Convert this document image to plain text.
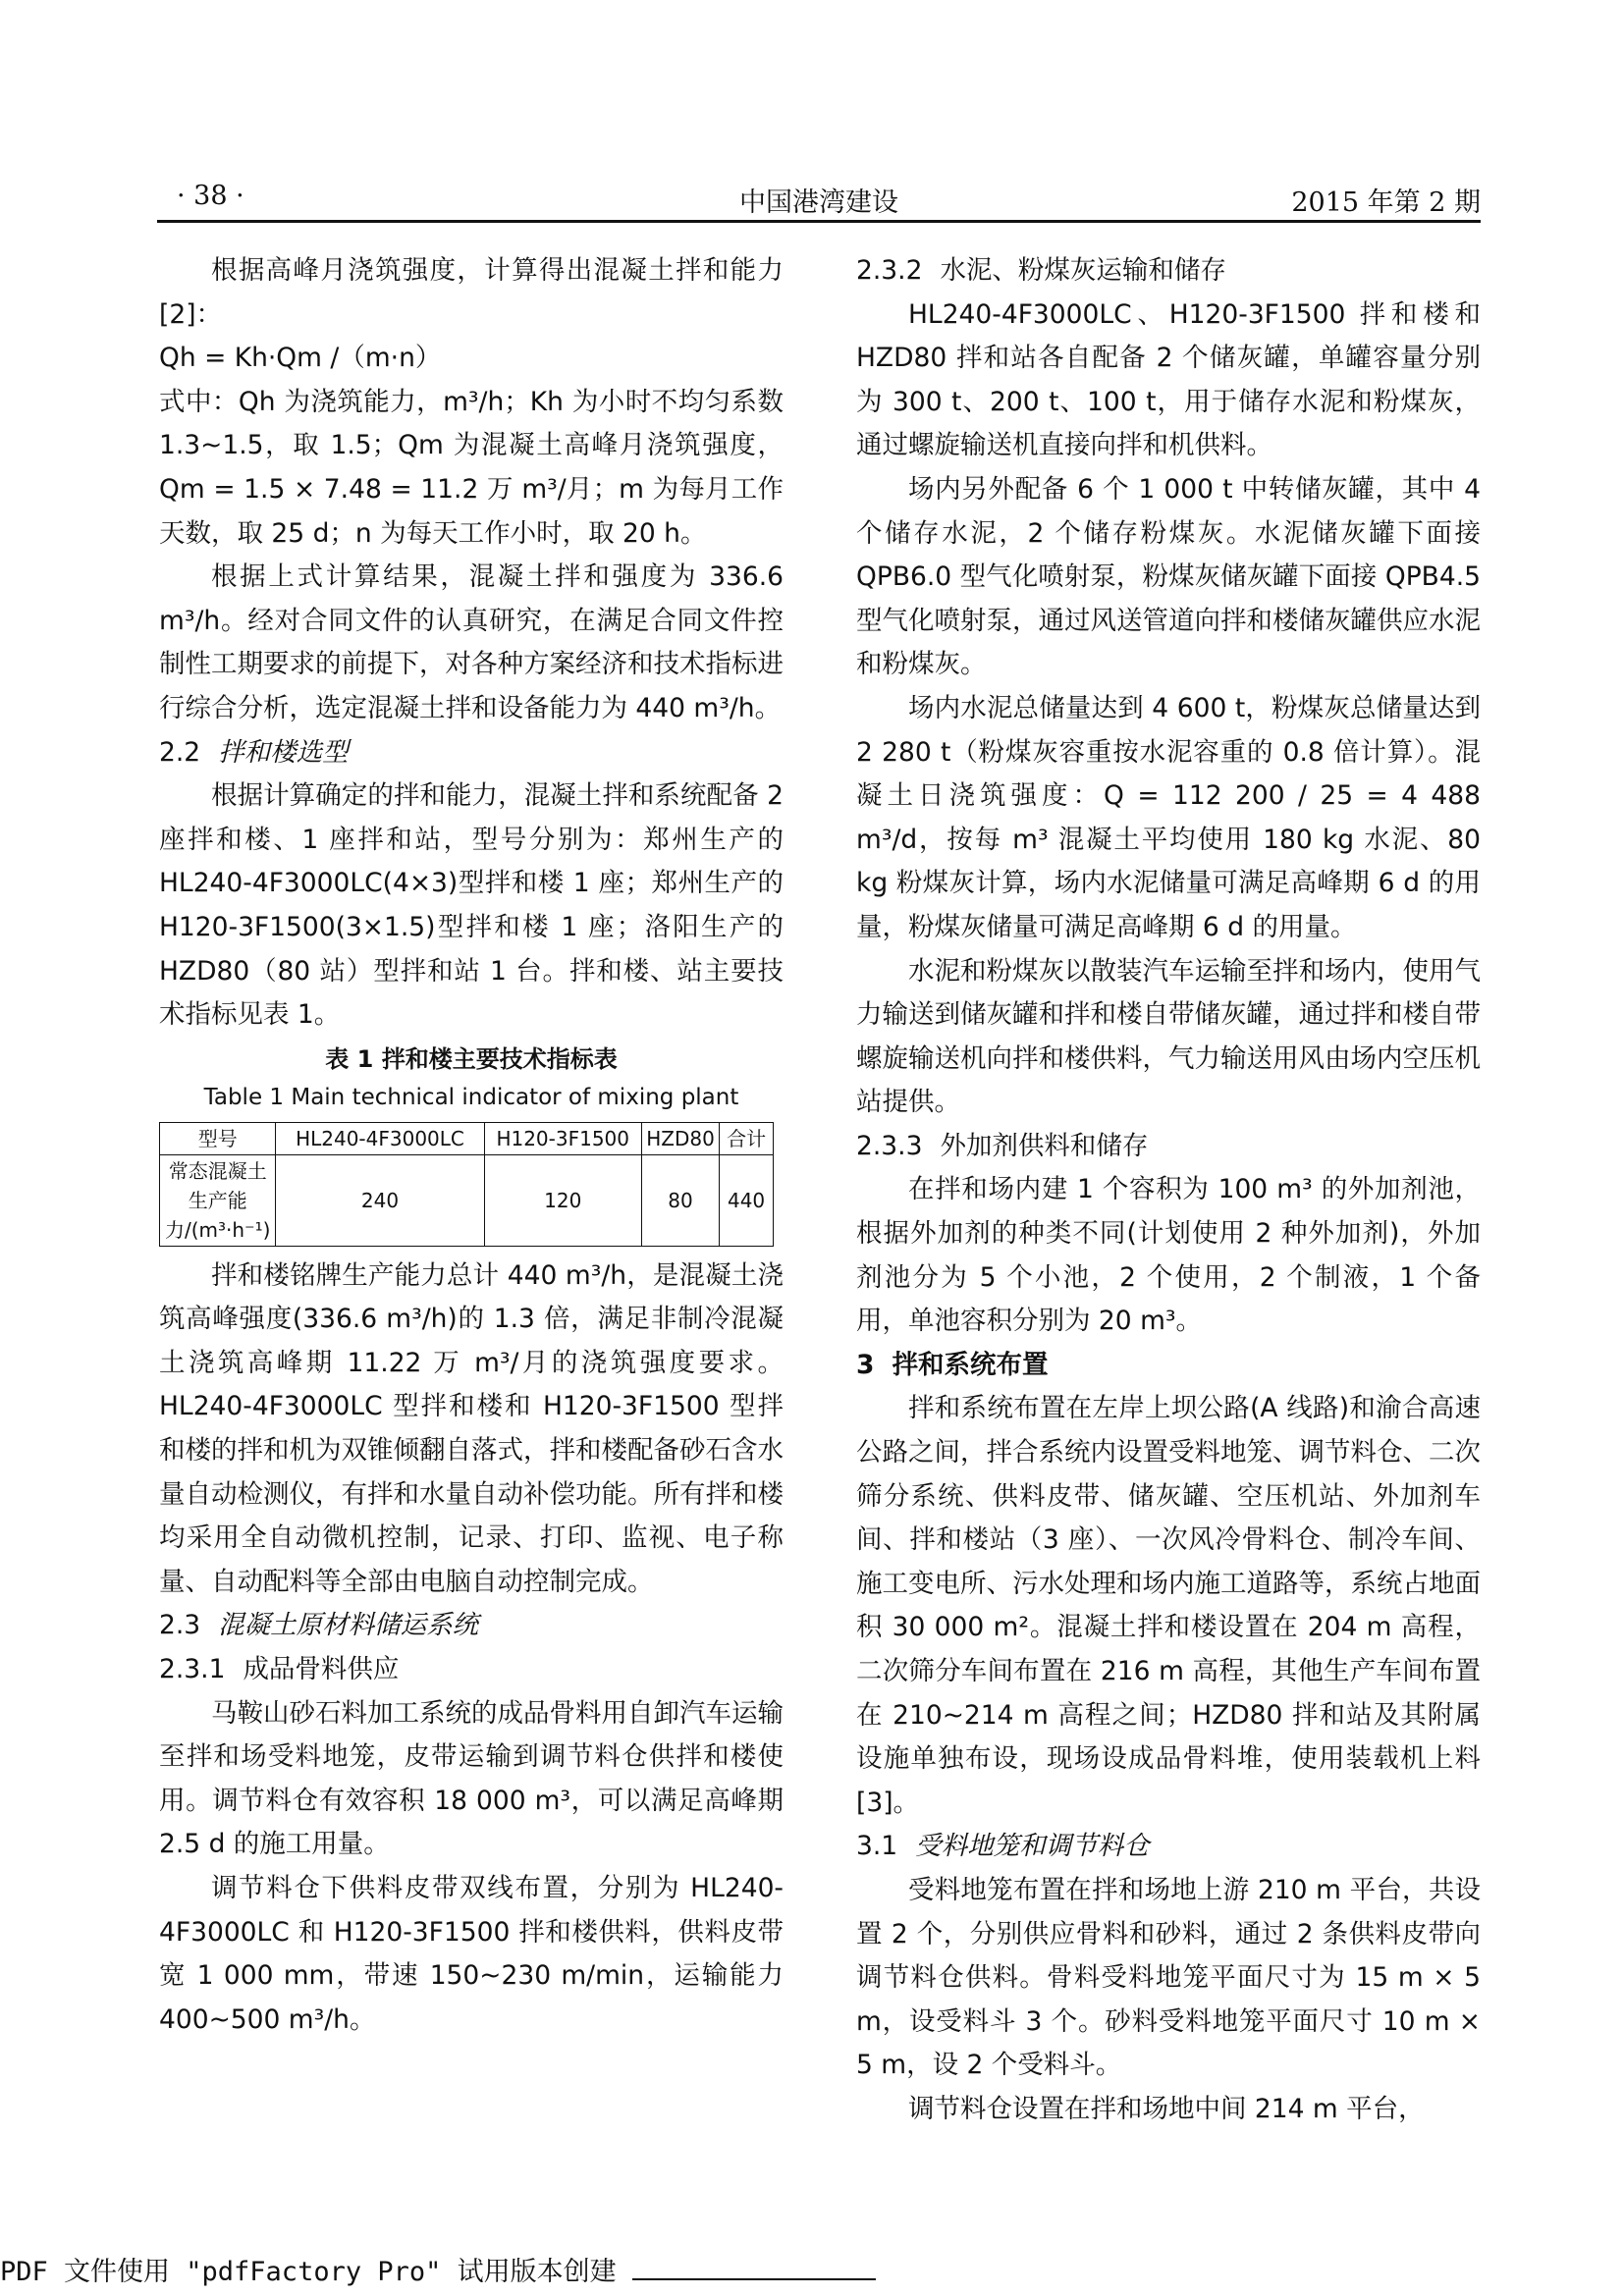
· 38 ·	中国港湾建设	2015 年第 2 期

根据高峰月浇筑强度，计算得出混凝土拌和能力[2]：

Qh = Kh·Qm /（m·n）

式中：Qh 为浇筑能力，m³/h；Kh 为小时不均匀系数 1.3~1.5，取 1.5；Qm 为混凝土高峰月浇筑强度，Qm = 1.5 × 7.48 = 11.2 万 m³/月；m 为每月工作天数，取 25 d；n 为每天工作小时，取 20 h。

根据上式计算结果，混凝土拌和强度为 336.6 m³/h。经对合同文件的认真研究，在满足合同文件控制性工期要求的前提下，对各种方案经济和技术指标进行综合分析，选定混凝土拌和设备能力为 440 m³/h。

2.2 拌和楼选型

根据计算确定的拌和能力，混凝土拌和系统配备 2 座拌和楼、1 座拌和站，型号分别为：郑州生产的 HL240-4F3000LC(4×3)型拌和楼 1 座；郑州生产的 H120-3F1500(3×1.5)型拌和楼 1 座；洛阳生产的 HZD80（80 站）型拌和站 1 台。拌和楼、站主要技术指标见表 1。

表 1 拌和楼主要技术指标表
Table 1 Main technical indicator of mixing plant
型号	HL240-4F3000LC	H120-3F1500	HZD80	合计
常态混凝土生产能力/(m³·h⁻¹)	240	120	80	440

拌和楼铭牌生产能力总计 440 m³/h，是混凝土浇筑高峰强度(336.6 m³/h)的 1.3 倍，满足非制冷混凝土浇筑高峰期 11.22 万 m³/月的浇筑强度要求。HL240-4F3000LC 型拌和楼和 H120-3F1500 型拌和楼的拌和机为双锥倾翻自落式，拌和楼配备砂石含水量自动检测仪，有拌和水量自动补偿功能。所有拌和楼均采用全自动微机控制，记录、打印、监视、电子称量、自动配料等全部由电脑自动控制完成。

2.3 混凝土原材料储运系统

2.3.1 成品骨料供应

马鞍山砂石料加工系统的成品骨料用自卸汽车运输至拌和场受料地笼，皮带运输到调节料仓供拌和楼使用。调节料仓有效容积 18 000 m³，可以满足高峰期 2.5 d 的施工用量。

调节料仓下供料皮带双线布置，分别为 HL240-4F3000LC 和 H120-3F1500 拌和楼供料，供料皮带宽 1 000 mm，带速 150~230 m/min，运输能力 400~500 m³/h。

2.3.2 水泥、粉煤灰运输和储存

HL240-4F3000LC、H120-3F1500 拌和楼和 HZD80 拌和站各自配备 2 个储灰罐，单罐容量分别为 300 t、200 t、100 t，用于储存水泥和粉煤灰，通过螺旋输送机直接向拌和机供料。

场内另外配备 6 个 1 000 t 中转储灰罐，其中 4 个储存水泥，2 个储存粉煤灰。水泥储灰罐下面接 QPB6.0 型气化喷射泵，粉煤灰储灰罐下面接 QPB4.5 型气化喷射泵，通过风送管道向拌和楼储灰罐供应水泥和粉煤灰。

场内水泥总储量达到 4 600 t，粉煤灰总储量达到 2 280 t（粉煤灰容重按水泥容重的 0.8 倍计算）。混凝土日浇筑强度：Q = 112 200 / 25 = 4 488 m³/d，按每 m³ 混凝土平均使用 180 kg 水泥、80 kg 粉煤灰计算，场内水泥储量可满足高峰期 6 d 的用量，粉煤灰储量可满足高峰期 6 d 的用量。

水泥和粉煤灰以散装汽车运输至拌和场内，使用气力输送到储灰罐和拌和楼自带储灰罐，通过拌和楼自带螺旋输送机向拌和楼供料，气力输送用风由场内空压机站提供。

2.3.3 外加剂供料和储存

在拌和场内建 1 个容积为 100 m³ 的外加剂池，根据外加剂的种类不同(计划使用 2 种外加剂)，外加剂池分为 5 个小池，2 个使用，2 个制液，1 个备用，单池容积分别为 20 m³。

3 拌和系统布置

拌和系统布置在左岸上坝公路(A 线路)和渝合高速公路之间，拌合系统内设置受料地笼、调节料仓、二次筛分系统、供料皮带、储灰罐、空压机站、外加剂车间、拌和楼站（3 座）、一次风冷骨料仓、制冷车间、施工变电所、污水处理和场内施工道路等，系统占地面积 30 000 m²。混凝土拌和楼设置在 204 m 高程，二次筛分车间布置在 216 m 高程，其他生产车间布置在 210~214 m 高程之间；HZD80 拌和站及其附属设施单独布设，现场设成品骨料堆，使用装载机上料[3]。

3.1 受料地笼和调节料仓

受料地笼布置在拌和场地上游 210 m 平台，共设置 2 个，分别供应骨料和砂料，通过 2 条供料皮带向调节料仓供料。骨料受料地笼平面尺寸为 15 m × 5 m，设受料斗 3 个。砂料受料地笼平面尺寸 10 m × 5 m，设 2 个受料斗。

调节料仓设置在拌和场地中间 214 m 平台，

PDF 文件使用 "pdfFactory Pro" 试用版本创建
